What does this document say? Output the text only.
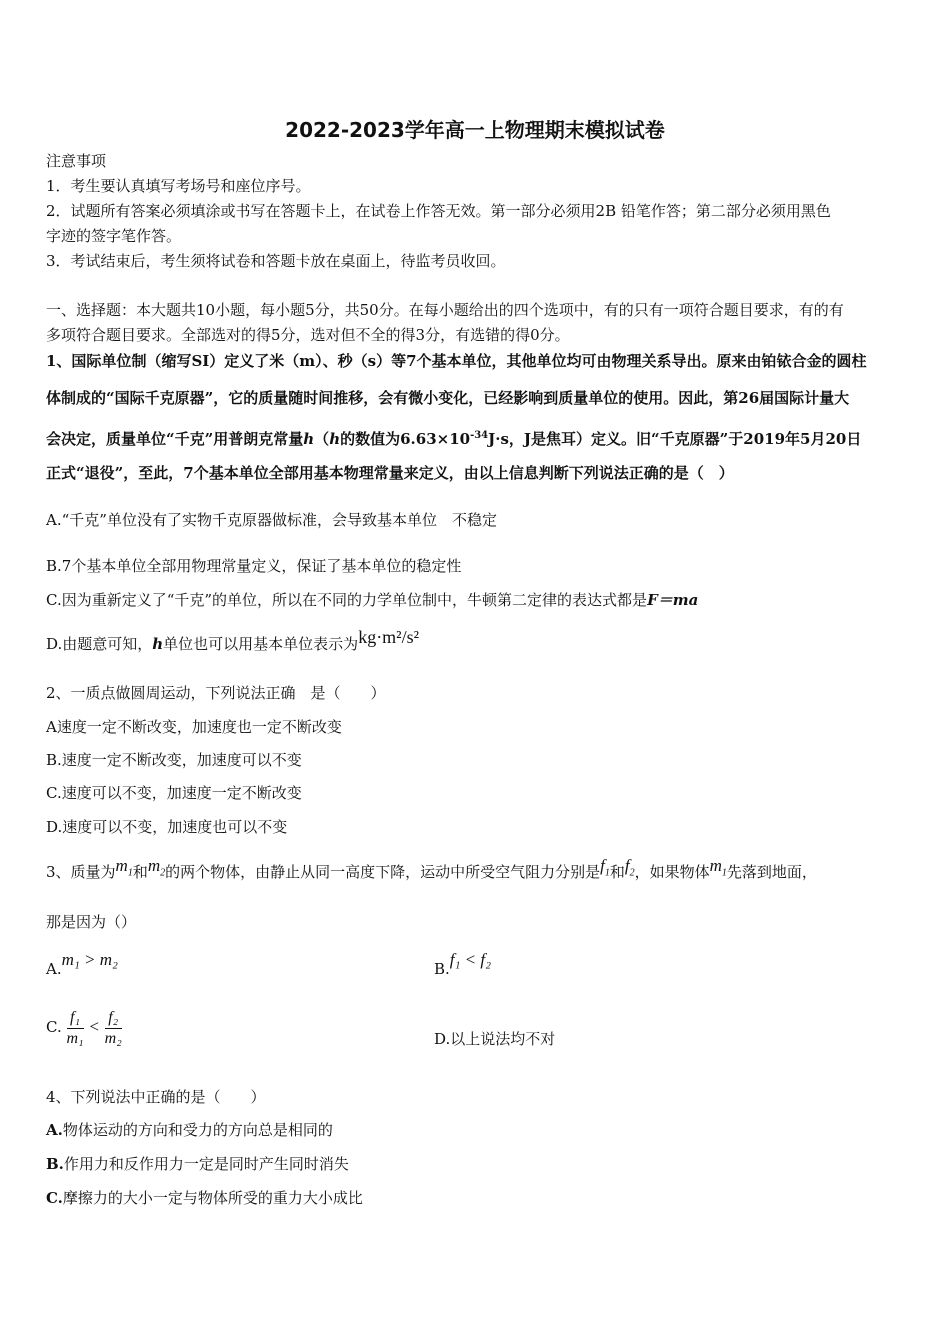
2022-2023学年高一上物理期末模拟试卷
注意事项
1．考生要认真填写考场号和座位序号。
2．试题所有答案必须填涂或书写在答题卡上，在试卷上作答无效。第一部分必须用2B 铅笔作答；第二部分必须用黑色
字迹的签字笔作答。
3．考试结束后，考生须将试卷和答题卡放在桌面上，待监考员收回。
一、选择题：本大题共10小题，每小题5分，共50分。在每小题给出的四个选项中，有的只有一项符合题目要求，有的有
多项符合题目要求。全部选对的得5分，选对但不全的得3分，有选错的得0分。
1、国际单位制（缩写SI）定义了米（m）、秒（s）等7个基本单位，其他单位均可由物理关系导出。原来由铂铱合金的圆柱
体制成的“国际千克原器”，它的质量随时间推移，会有微小变化，已经影响到质量单位的使用。因此，第26届国际计量大
会决定，质量单位“千克”用普朗克常量h（h的数值为$6.63\times 10^{-34}J\cdot s$，J是焦耳）定义。旧“千克原器”于2019年5月20日
正式“退役”，至此，7个基本单位全部用基本物理常量来定义，由以上信息判断下列说法正确的是（　）
A.“千克”单位没有了实物千克原器做标准，会导致基本单位　不稳定
B.7个基本单位全部用物理常量定义，保证了基本单位的稳定性
C.因为重新定义了“千克”的单位，所以在不同的力学单位制中，牛顿第二定律的表达式都是F＝ma
D.由题意可知，h单位也可以用基本单位表示为kg·m²/s²
2、一质点做圆周运动，下列说法正确　是（　　）
A速度一定不断改变，加速度也一定不断改变
B.速度一定不断改变，加速度可以不变
C.速度可以不变，加速度一定不断改变
D.速度可以不变，加速度也可以不变
3、质量为$m_1$和$m_2$的两个物体，由静止从同一高度下降，运动中所受空气阻力分别是$f_1$和$f_2$，如果物体$m_1$先落到地面，
那是因为（）
A.m₁ > m₂	B.f₁ < f₂
C. $\frac{\text{f₁}}{\text{m₁}} < \frac{\text{f₂}}{\text{m₂}}$	D.以上说法均不对
4、下列说法中正确的是（　　）
A.物体运动的方向和受力的方向总是相同的
B.作用力和反作用力一定是同时产生同时消失
C.摩擦力的大小一定与物体所受的重力大小成比
